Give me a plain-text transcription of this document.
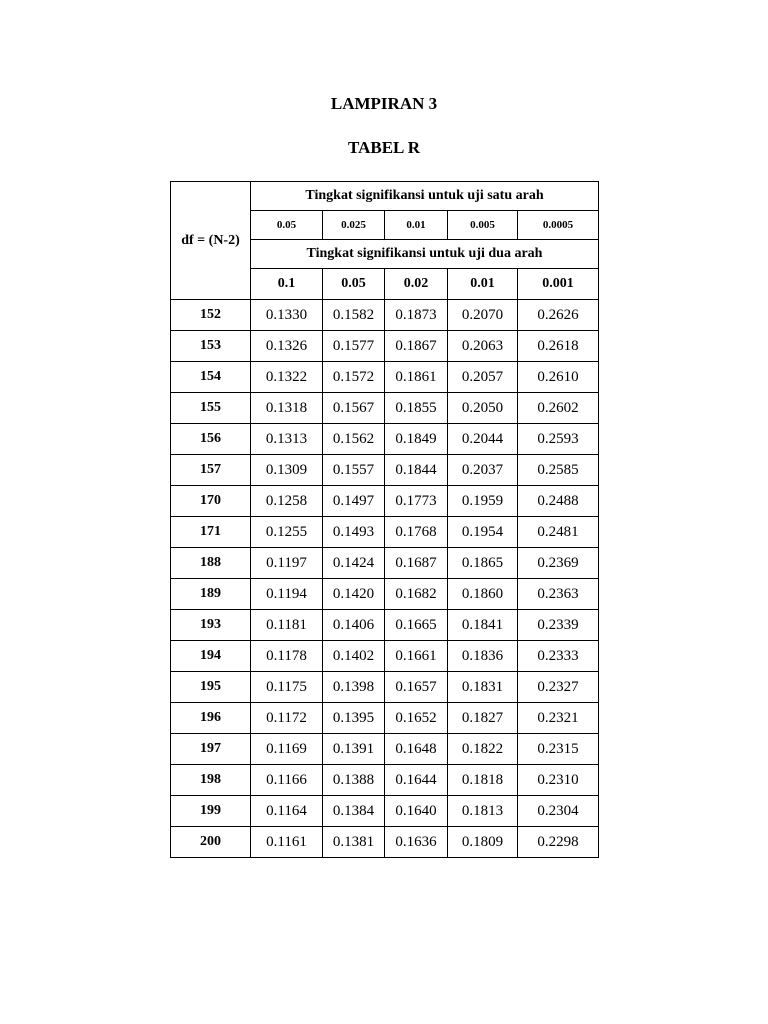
LAMPIRAN 3
TABEL R
df = (N-2)	Tingkat signifikansi untuk uji satu arah				
	0.05	0.025	0.01	0.005	0.0005
	Tingkat signifikansi untuk uji dua arah				
	0.1	0.05	0.02	0.01	0.001
152	0.1330	0.1582	0.1873	0.2070	0.2626
153	0.1326	0.1577	0.1867	0.2063	0.2618
154	0.1322	0.1572	0.1861	0.2057	0.2610
155	0.1318	0.1567	0.1855	0.2050	0.2602
156	0.1313	0.1562	0.1849	0.2044	0.2593
157	0.1309	0.1557	0.1844	0.2037	0.2585
170	0.1258	0.1497	0.1773	0.1959	0.2488
171	0.1255	0.1493	0.1768	0.1954	0.2481
188	0.1197	0.1424	0.1687	0.1865	0.2369
189	0.1194	0.1420	0.1682	0.1860	0.2363
193	0.1181	0.1406	0.1665	0.1841	0.2339
194	0.1178	0.1402	0.1661	0.1836	0.2333
195	0.1175	0.1398	0.1657	0.1831	0.2327
196	0.1172	0.1395	0.1652	0.1827	0.2321
197	0.1169	0.1391	0.1648	0.1822	0.2315
198	0.1166	0.1388	0.1644	0.1818	0.2310
199	0.1164	0.1384	0.1640	0.1813	0.2304
200	0.1161	0.1381	0.1636	0.1809	0.2298
